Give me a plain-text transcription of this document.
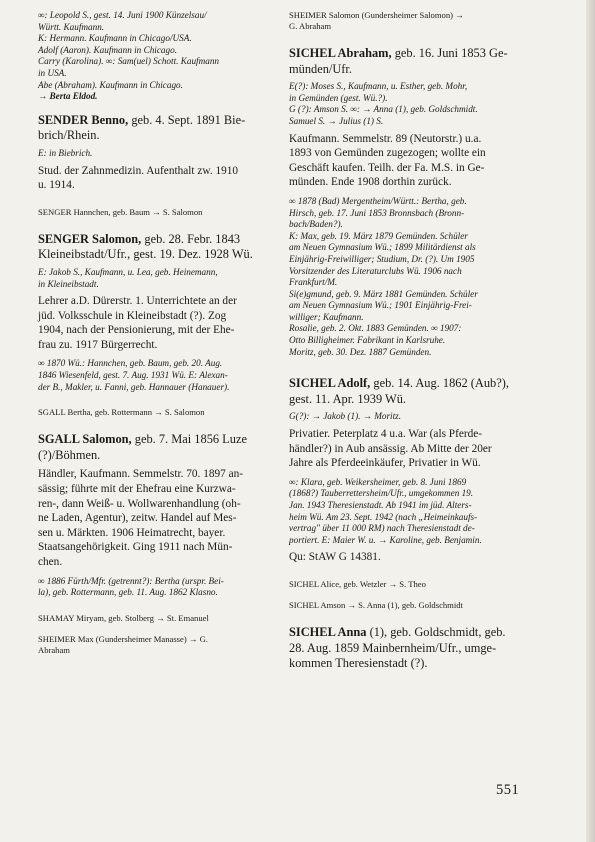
∞: Leopold S., gest. 14. Juni 1900 Künzelsau/

Württ. Kaufmann.

K: Hermann. Kaufmann in Chicago/USA.

Adolf (Aaron). Kaufmann in Chicago.

Carry (Karolina). ∞: Sam(uel) Schott. Kaufmann

in USA.

Abe (Abraham). Kaufmann in Chicago.

→ Berta Eldod.

SENDER Benno, geb. 4. Sept. 1891 Bie-

brich/Rhein.

E: in Biebrich.

Stud. der Zahnmedizin. Aufenthalt zw. 1910

u. 1914.

SENGER Hannchen, geb. Baum → S. Salomon

SENGER Salomon, geb. 28. Febr. 1843

Kleineibstadt/Ufr., gest. 19. Dez. 1928 Wü.

E: Jakob S., Kaufmann, u. Lea, geb. Heinemann,

in Kleineibstadt.

Lehrer a.D. Dürerstr. 1. Unterrichtete an der

jüd. Volksschule in Kleineibstadt (?). Zog

1904, nach der Pensionierung, mit der Ehe-

frau zu. 1917 Bürgerrecht.

∞ 1870 Wü.: Hannchen, geb. Baum, geb. 20. Aug.

1846 Wiesenfeld, gest. 7. Aug. 1931 Wü. E: Alexan-

der B., Makler, u. Fanni, geb. Hannauer (Hanauer).

SGALL Bertha, geb. Rottermann → S. Salomon

SGALL Salomon, geb. 7. Mai 1856 Luze

(?)/Böhmen.

Händler, Kaufmann. Semmelstr. 70. 1897 an-

sässig; führte mit der Ehefrau eine Kurzwa-

ren-, dann Weiß- u. Wollwarenhandlung (oh-

ne Laden, Agentur), zeitw. Handel auf Mes-

sen u. Märkten. 1906 Heimatrecht, bayer.

Staatsangehörigkeit. Ging 1911 nach Mün-

chen.

∞ 1886 Fürth/Mfr. (getrennt?): Bertha (urspr. Bei-

la), geb. Rottermann, geb. 11. Aug. 1862 Klasno.

SHAMAY Miryam, geb. Stolberg → St. Emanuel

SHEIMER Max (Gundersheimer Manasse) → G.

Abraham

SHEIMER Salomon (Gundersheimer Salomon) →

G. Abraham

SICHEL Abraham, geb. 16. Juni 1853 Ge-

münden/Ufr.

E(?): Moses S., Kaufmann, u. Esther, geb. Mohr,

in Gemünden (gest. Wü.?).

G (?): Amson S. ∞: → Anna (1), geb. Goldschmidt.

Samuel S. → Julius (1) S.

Kaufmann. Semmelstr. 89 (Neutorstr.) u.a.

1893 von Gemünden zugezogen; wollte ein

Geschäft kaufen. Teilh. der Fa. M.S. in Ge-

münden. Ende 1908 dorthin zurück.

∞ 1878 (Bad) Mergentheim/Württ.: Bertha, geb.

Hirsch, geb. 17. Juni 1853 Bronnsbach (Bronn-

bach/Baden?).

K: Max, geb. 19. März 1879 Gemünden. Schüler

am Neuen Gymnasium Wü.; 1899 Militärdienst als

Einjährig-Freiwilliger; Studium, Dr. (?). Um 1905

Vorsitzender des Literaturclubs Wü. 1906 nach

Frankfurt/M.

Si(e)gmund, geb. 9. März 1881 Gemünden. Schüler

am Neuen Gymnasium Wü.; 1901 Einjährig-Frei-

williger; Kaufmann.

Rosalie, geb. 2. Okt. 1883 Gemünden. ∞ 1907:

Otto Billigheimer. Fabrikant in Karlsruhe.

Moritz, geb. 30. Dez. 1887 Gemünden.

SICHEL Adolf, geb. 14. Aug. 1862 (Aub?),

gest. 11. Apr. 1939 Wü.

G(?): → Jakob (1). → Moritz.

Privatier. Peterplatz 4 u.a. War (als Pferde-

händler?) in Aub ansässig. Ab Mitte der 20er

Jahre als Pferdeeinkäufer, Privatier in Wü.

∞: Klara, geb. Weikersheimer, geb. 8. Juni 1869

(1868?) Tauberrettersheim/Ufr., umgekommen 19.

Jan. 1943 Theresienstadt. Ab 1941 im jüd. Alters-

heim Wü. Am 23. Sept. 1942 (nach „Heimeinkaufs-

vertrag" über 11 000 RM) nach Theresienstadt de-

portiert. E: Maier W. u. → Karoline, geb. Benjamin.

Qu: StAW G 14381.

SICHEL Alice, geb. Wetzler → S. Theo

SICHEL Amson → S. Anna (1), geb. Goldschmidt

SICHEL Anna (1), geb. Goldschmidt, geb.

28. Aug. 1859 Mainbernheim/Ufr., umge-

kommen Theresienstadt (?).

551
